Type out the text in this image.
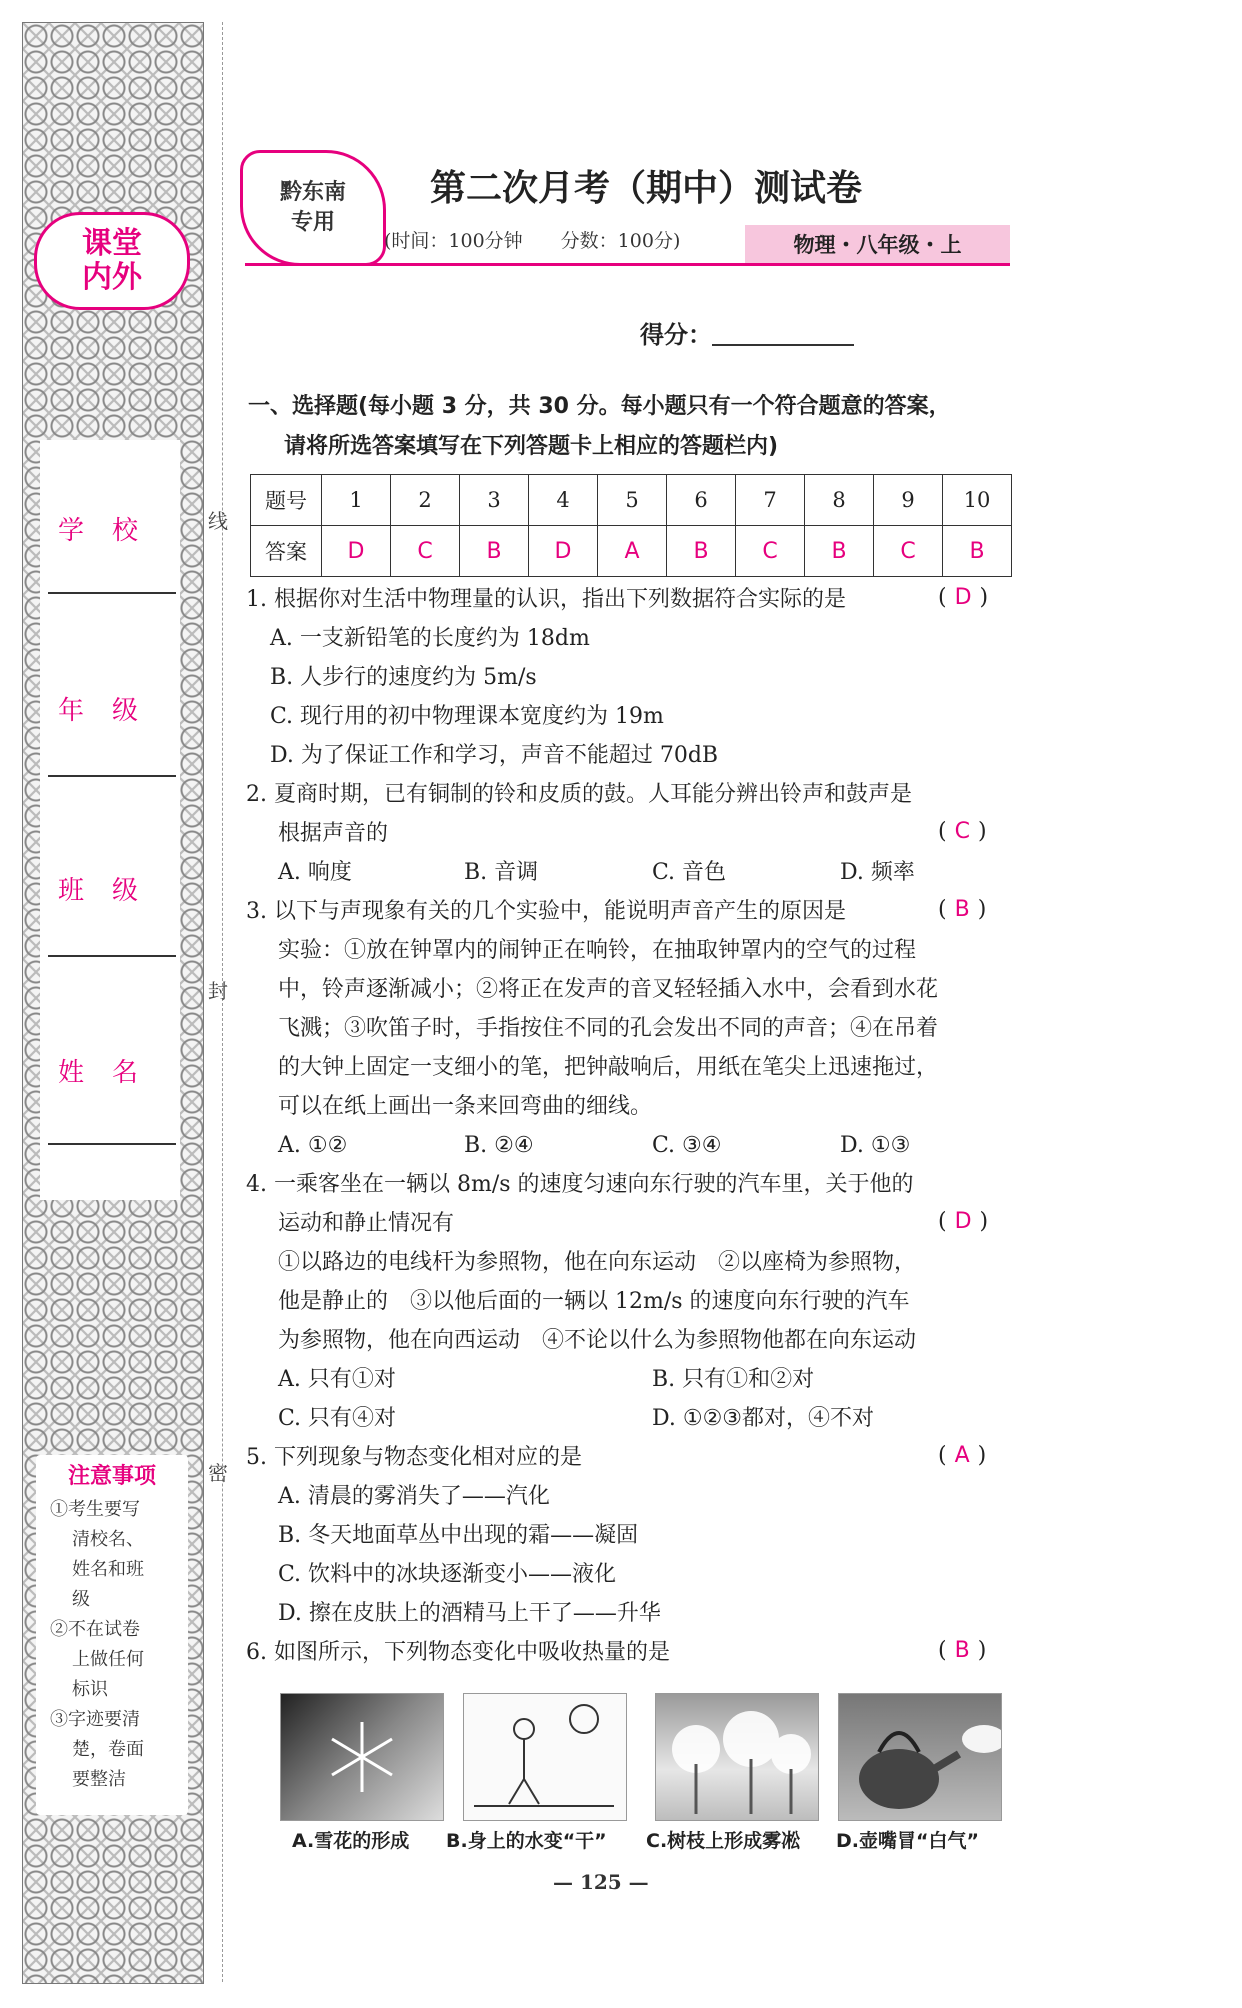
课堂
内外
学校
年级
班级
姓名
注意事项
①考生要写
清校名、
姓名和班
级
②不在试卷
上做任何
标识
③字迹要清
楚，卷面
要整洁
线
封
密
黔东南
专用
第二次月考（期中）测试卷
(时间：100分钟　　分数：100分)	物理・八年级・上
得分：
一、选择题(每小题 3 分，共 30 分。每小题只有一个符合题意的答案，
请将所选答案填写在下列答题卡上相应的答题栏内)
题号	1	2	3	4	5	6	7	8	9	10
答案	D	C	B	D	A	B	C	B	C	B
1. 根据你对生活中物理量的认识，指出下列数据符合实际的是	( D )
A. 一支新铅笔的长度约为 18dm
B. 人步行的速度约为 5m/s
C. 现行用的初中物理课本宽度约为 19m
D. 为了保证工作和学习，声音不能超过 70dB
2. 夏商时期，已有铜制的铃和皮质的鼓。人耳能分辨出铃声和鼓声是
根据声音的	( C )
A. 响度	B. 音调	C. 音色	D. 频率
3. 以下与声现象有关的几个实验中，能说明声音产生的原因是	( B )
实验：①放在钟罩内的闹钟正在响铃，在抽取钟罩内的空气的过程
中，铃声逐渐减小；②将正在发声的音叉轻轻插入水中，会看到水花
飞溅；③吹笛子时，手指按住不同的孔会发出不同的声音；④在吊着
的大钟上固定一支细小的笔，把钟敲响后，用纸在笔尖上迅速拖过，
可以在纸上画出一条来回弯曲的细线。
A. ①②	B. ②④	C. ③④	D. ①③
4. 一乘客坐在一辆以 8m/s 的速度匀速向东行驶的汽车里，关于他的
运动和静止情况有	( D )
①以路边的电线杆为参照物，他在向东运动　②以座椅为参照物，
他是静止的　③以他后面的一辆以 12m/s 的速度向东行驶的汽车
为参照物，他在向西运动　④不论以什么为参照物他都在向东运动
A. 只有①对	B. 只有①和②对
C. 只有④对	D. ①②③都对，④不对
5. 下列现象与物态变化相对应的是	( A )
A. 清晨的雾消失了——汽化
B. 冬天地面草丛中出现的霜——凝固
C. 饮料中的冰块逐渐变小——液化
D. 擦在皮肤上的酒精马上干了——升华
6. 如图所示，下列物态变化中吸收热量的是	( B )
A.雪花的形成 B.身上的水变“干” C.树枝上形成雾凇 D.壶嘴冒“白气”
— 125 —
